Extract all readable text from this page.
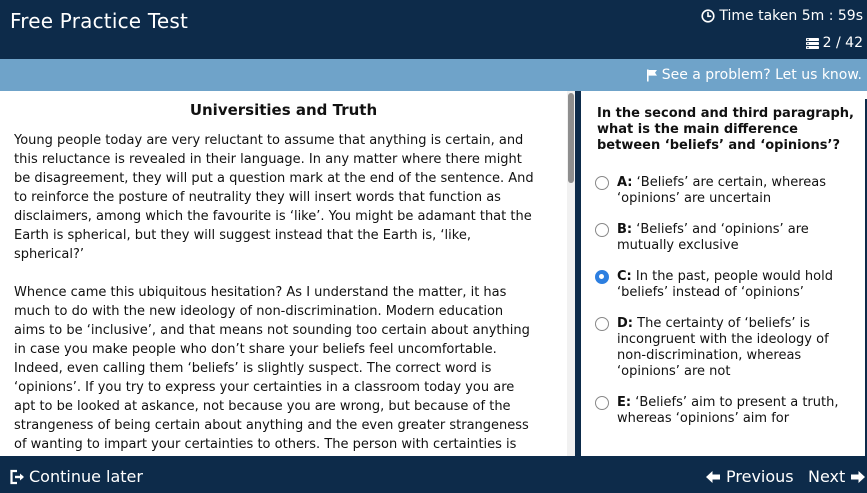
Free Practice Test	Time taken 5m : 59s
2 / 42
See a problem? Let us know.
Universities and Truth

Young people today are very reluctant to assume that anything is certain, and this reluctance is revealed in their language. In any matter where there might be disagreement, they will put a question mark at the end of the sentence. And to reinforce the posture of neutrality they will insert words that function as disclaimers, among which the favourite is ‘like’. You might be adamant that the Earth is spherical, but they will suggest instead that the Earth is, ‘like, spherical?’

Whence came this ubiquitous hesitation? As I understand the matter, it has much to do with the new ideology of non-discrimination. Modern education aims to be ‘inclusive’, and that means not sounding too certain about anything in case you make people who don’t share your beliefs feel uncomfortable. Indeed, even calling them ‘beliefs’ is slightly suspect. The correct word is ‘opinions’. If you try to express your certainties in a classroom today you are apt to be looked at askance, not because you are wrong, but because of the strangeness of being certain about anything and the even greater strangeness of wanting to impart your certainties to others. The person with certainties is

In the second and third paragraph, what is the main difference between ‘beliefs’ and ‘opinions’?
A: ‘Beliefs’ are certain, whereas ‘opinions’ are uncertain
B: ‘Beliefs’ and ‘opinions’ are mutually exclusive
C: In the past, people would hold ‘beliefs’ instead of ‘opinions’
D: The certainty of ‘beliefs’ is incongruent with the ideology of non-discrimination, whereas ‘opinions’ are not
E: ‘Beliefs’ aim to present a truth, whereas ‘opinions’ aim for
Continue later	Previous Next
